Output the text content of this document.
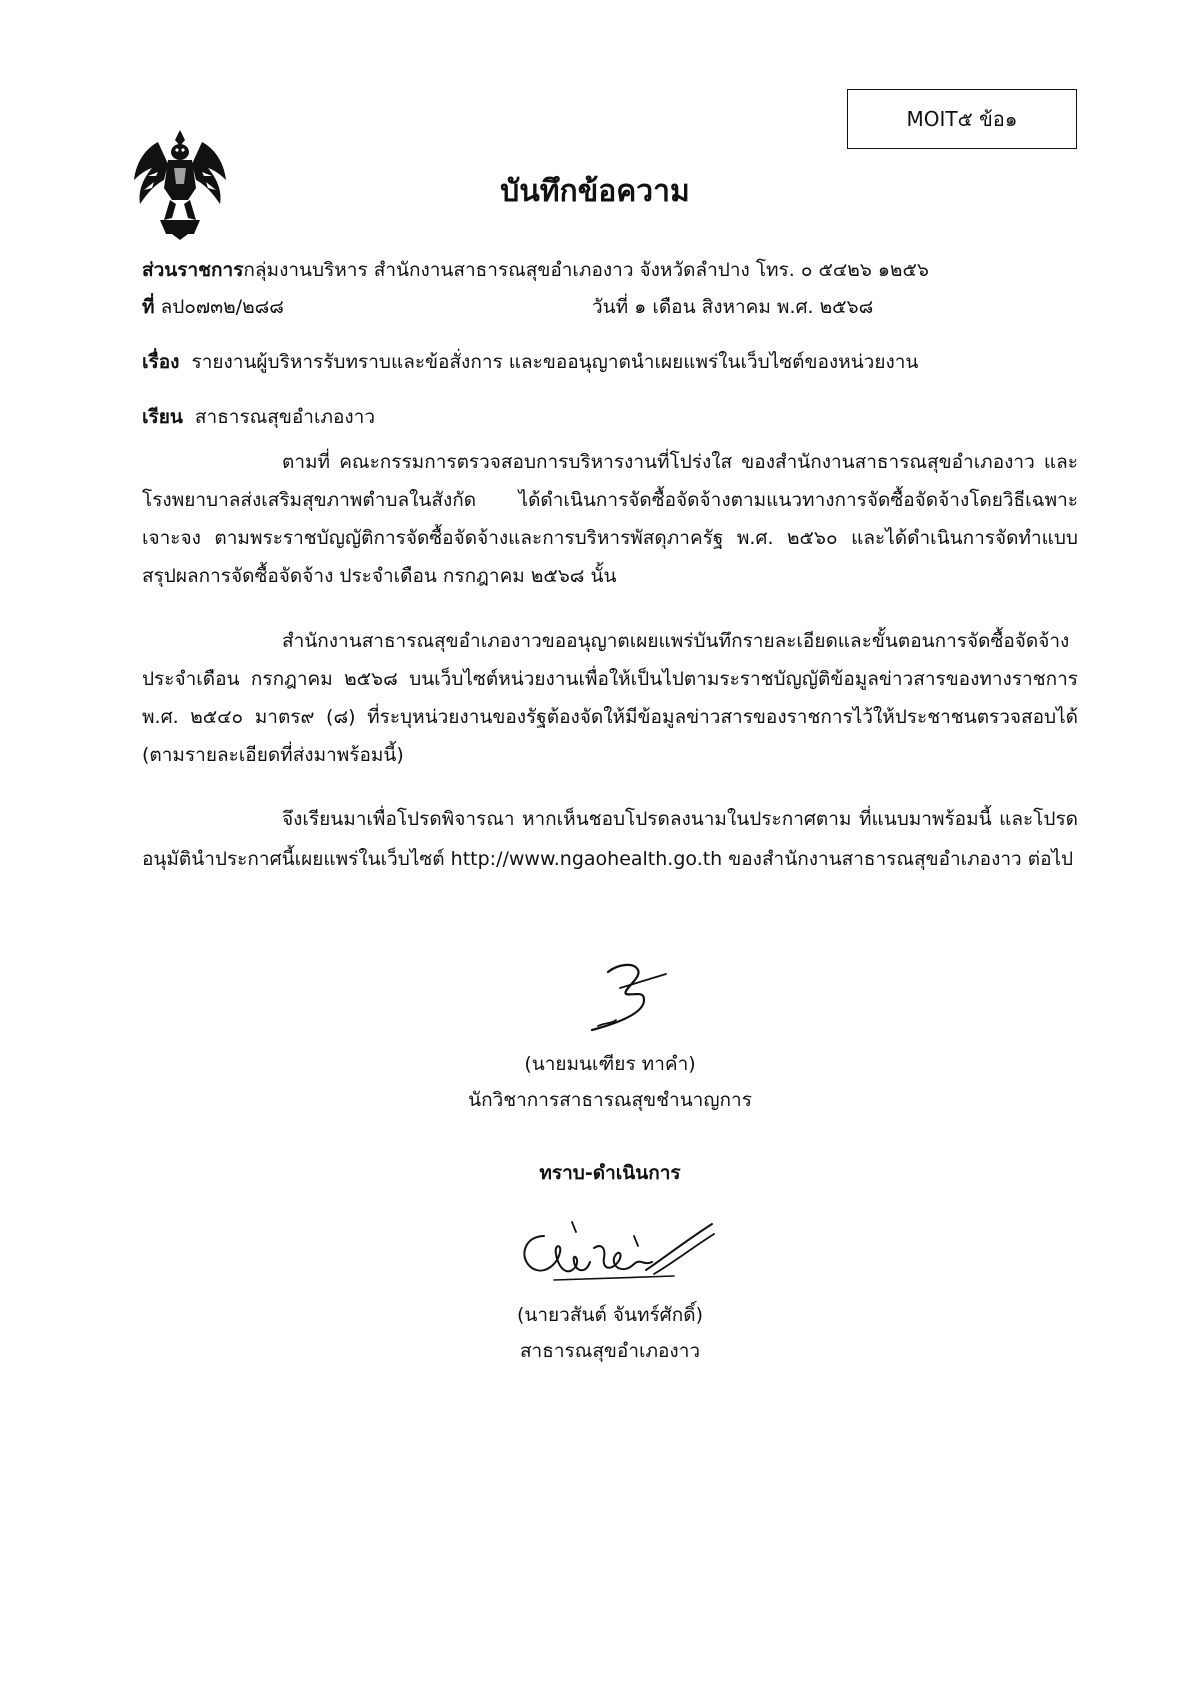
MOIT๕ ข้อ๑
บันทึกข้อความ
ส่วนราชการกลุ่มงานบริหาร สำนักงานสาธารณสุขอำเภองาว จังหวัดลำปาง โทร. ๐ ๕๔๒๖ ๑๒๕๖
ที่ ลป๐๗๓๒/๒๘๘	วันที่ ๑ เดือน สิงหาคม พ.ศ. ๒๕๖๘
เรื่อง รายงานผู้บริหารรับทราบและข้อสั่งการ และขออนุญาตนำเผยแพร่ในเว็บไซต์ของหน่วยงาน
เรียน สาธารณสุขอำเภองาว
ตามที่ คณะกรรมการตรวจสอบการบริหารงานที่โปร่งใส ของสำนักงานสาธารณสุขอำเภองาว และโรงพยาบาลส่งเสริมสุขภาพตำบลในสังกัด ได้ดำเนินการจัดซื้อจัดจ้างตามแนวทางการจัดซื้อจัดจ้างโดยวิธีเฉพาะเจาะจง ตามพระราชบัญญัติการจัดซื้อจัดจ้างและการบริหารพัสดุภาครัฐ พ.ศ. ๒๕๖๐ และได้ดำเนินการจัดทำแบบสรุปผลการจัดซื้อจัดจ้าง ประจำเดือน กรกฎาคม ๒๕๖๘ นั้น
สำนักงานสาธารณสุขอำเภองาวขออนุญาตเผยแพร่บันทึกรายละเอียดและขั้นตอนการจัดซื้อจัดจ้าง ประจำเดือน กรกฎาคม ๒๕๖๘ บนเว็บไซต์หน่วยงานเพื่อให้เป็นไปตามระราชบัญญัติข้อมูลข่าวสารของทางราชการ พ.ศ. ๒๕๔๐ มาตร๙ (๘) ที่ระบุหน่วยงานของรัฐต้องจัดให้มีข้อมูลข่าวสารของราชการไว้ให้ประชาชนตรวจสอบได้ (ตามรายละเอียดที่ส่งมาพร้อมนี้)
จึงเรียนมาเพื่อโปรดพิจารณา หากเห็นชอบโปรดลงนามในประกาศตาม ที่แนบมาพร้อมนี้ และโปรดอนุมัตินำประกาศนี้เผยแพร่ในเว็บไซต์ http://www.ngaohealth.go.th ของสำนักงานสาธารณสุขอำเภองาว ต่อไป
(นายมนเฑียร ทาคำ)
นักวิชาการสาธารณสุขชำนาญการ
ทราบ-ดำเนินการ
(นายวสันต์ จันทร์ศักดิ์)
สาธารณสุขอำเภองาว
